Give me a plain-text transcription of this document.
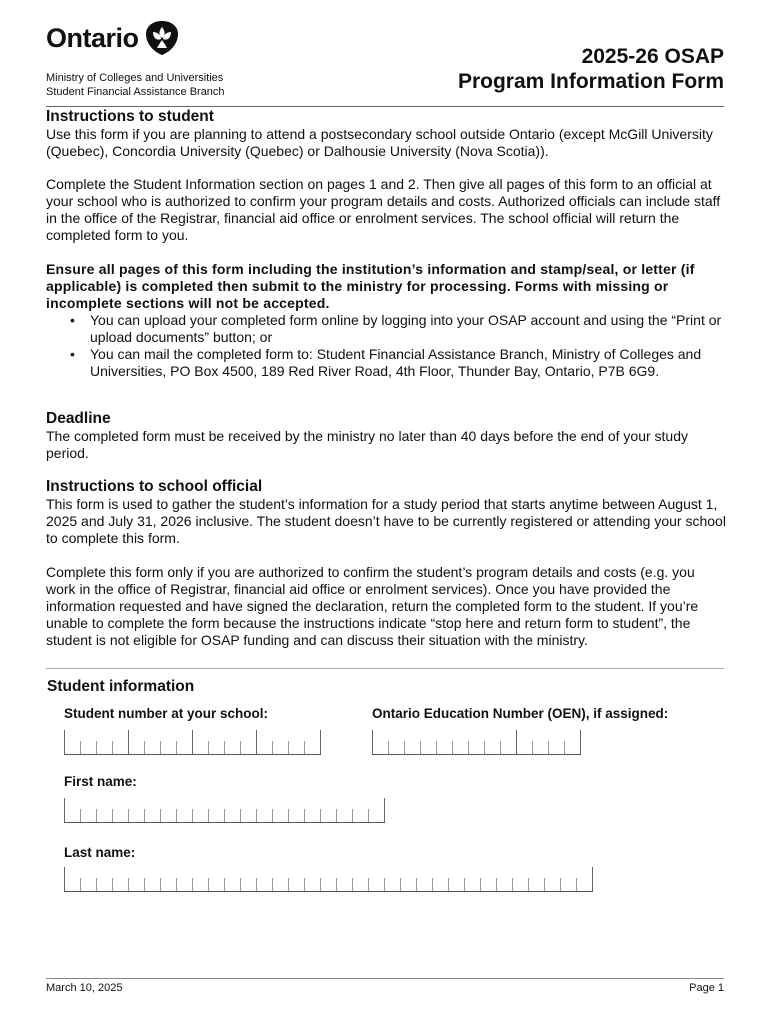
Ontario
Ministry of Colleges and Universities
Student Financial Assistance Branch
2025-26 OSAP
Program Information Form
Instructions to student

Use this form if you are planning to attend a postsecondary school outside Ontario (except McGill University (Quebec), Concordia University (Quebec) or Dalhousie University (Nova Scotia)).

Complete the Student Information section on pages 1 and 2. Then give all pages of this form to an official at your school who is authorized to confirm your program details and costs. Authorized officials can include staff in the office of the Registrar, financial aid office or enrolment services. The school official will return the completed form to you.

Ensure all pages of this form including the institution’s information and stamp/seal, or letter (if applicable) is completed then submit to the ministry for processing. Forms with missing or incomplete sections will not be accepted.

• You can upload your completed form online by logging into your OSAP account and using the “Print or upload documents” button; or
• You can mail the completed form to: Student Financial Assistance Branch, Ministry of Colleges and Universities, PO Box 4500, 189 Red River Road, 4th Floor, Thunder Bay, Ontario, P7B 6G9.
Deadline

The completed form must be received by the ministry no later than 40 days before the end of your study period.

Instructions to school official

This form is used to gather the student’s information for a study period that starts anytime between August 1, 2025 and July 31, 2026 inclusive. The student doesn’t have to be currently registered or attending your school to complete this form.

Complete this form only if you are authorized to confirm the student’s program details and costs (e.g. you work in the office of Registrar, financial aid office or enrolment services). Once you have provided the information requested and have signed the declaration, return the completed form to the student. If you’re unable to complete the form because the instructions indicate “stop here and return form to student”, the student is not eligible for OSAP funding and can discuss their situation with the ministry.

Student information
Student number at your school:	Ontario Education Number (OEN), if assigned:
First name:
Last name:
March 10, 2025	Page 1
